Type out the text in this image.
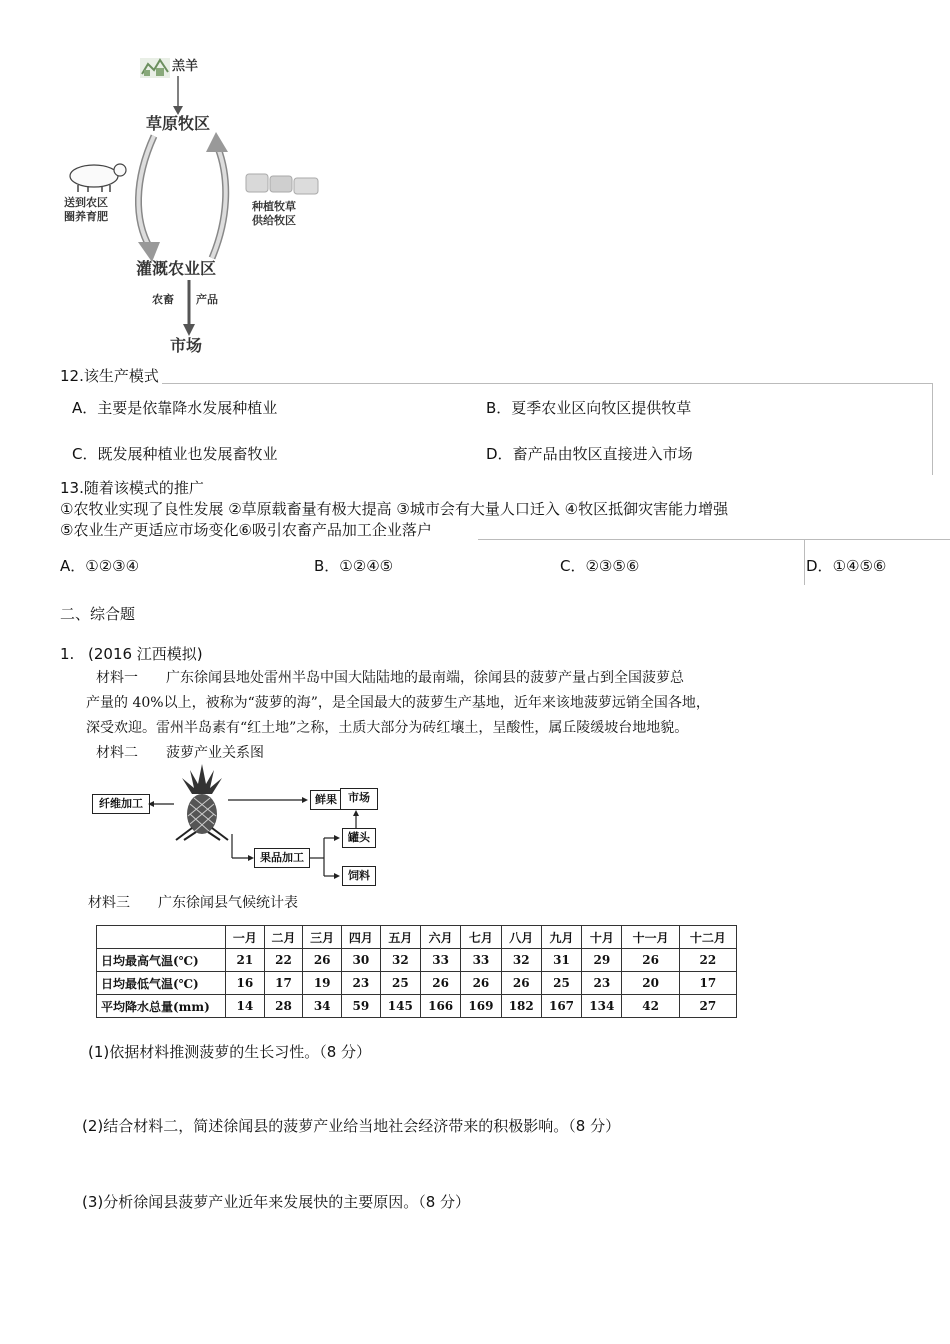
羔羊
草原牧区
送到农区
圈养育肥
种植牧草
供给牧区
灌溉农业区
农畜 产品
市场
12.该生产模式
A．主要是依靠降水发展种植业	B．夏季农业区向牧区提供牧草
C．既发展种植业也发展畜牧业	D．畜产品由牧区直接进入市场
13.随着该模式的推广
①农牧业实现了良性发展 ②草原载畜量有极大提高 ③城市会有大量人口迁入 ④牧区抵御灾害能力增强
⑤农业生产更适应市场变化⑥吸引农畜产品加工企业落户
A．①②③④	B．①②④⑤	C．②③⑤⑥	D．①④⑤⑥
二、综合题
1. (2016 江西模拟)
材料一　　广东徐闻县地处雷州半岛中国大陆陆地的最南端，徐闻县的菠萝产量占到全国菠萝总
产量的 40%以上，被称为“菠萝的海”，是全国最大的菠萝生产基地，近年来该地菠萝远销全国各地，
深受欢迎。雷州半岛素有“红土地”之称，土质大部分为砖红壤土，呈酸性，属丘陵缓坡台地地貌。
材料二　　菠萝产业关系图
纤维加工	鲜果	市场
罐头
果品加工
饲料
材料三　　广东徐闻县气候统计表
	一月	二月	三月	四月	五月	六月	七月	八月	九月	十月	十一月	十二月
日均最高气温(℃)	21	22	26	30	32	33	33	32	31	29	26	22
日均最低气温(℃)	16	17	19	23	25	26	26	26	25	23	20	17
平均降水总量(mm)	14	28	34	59	145	166	169	182	167	134	42	27
(1)依据材料推测菠萝的生长习性。（8 分）
(2)结合材料二，简述徐闻县的菠萝产业给当地社会经济带来的积极影响。（8 分）
(3)分析徐闻县菠萝产业近年来发展快的主要原因。（8 分）
